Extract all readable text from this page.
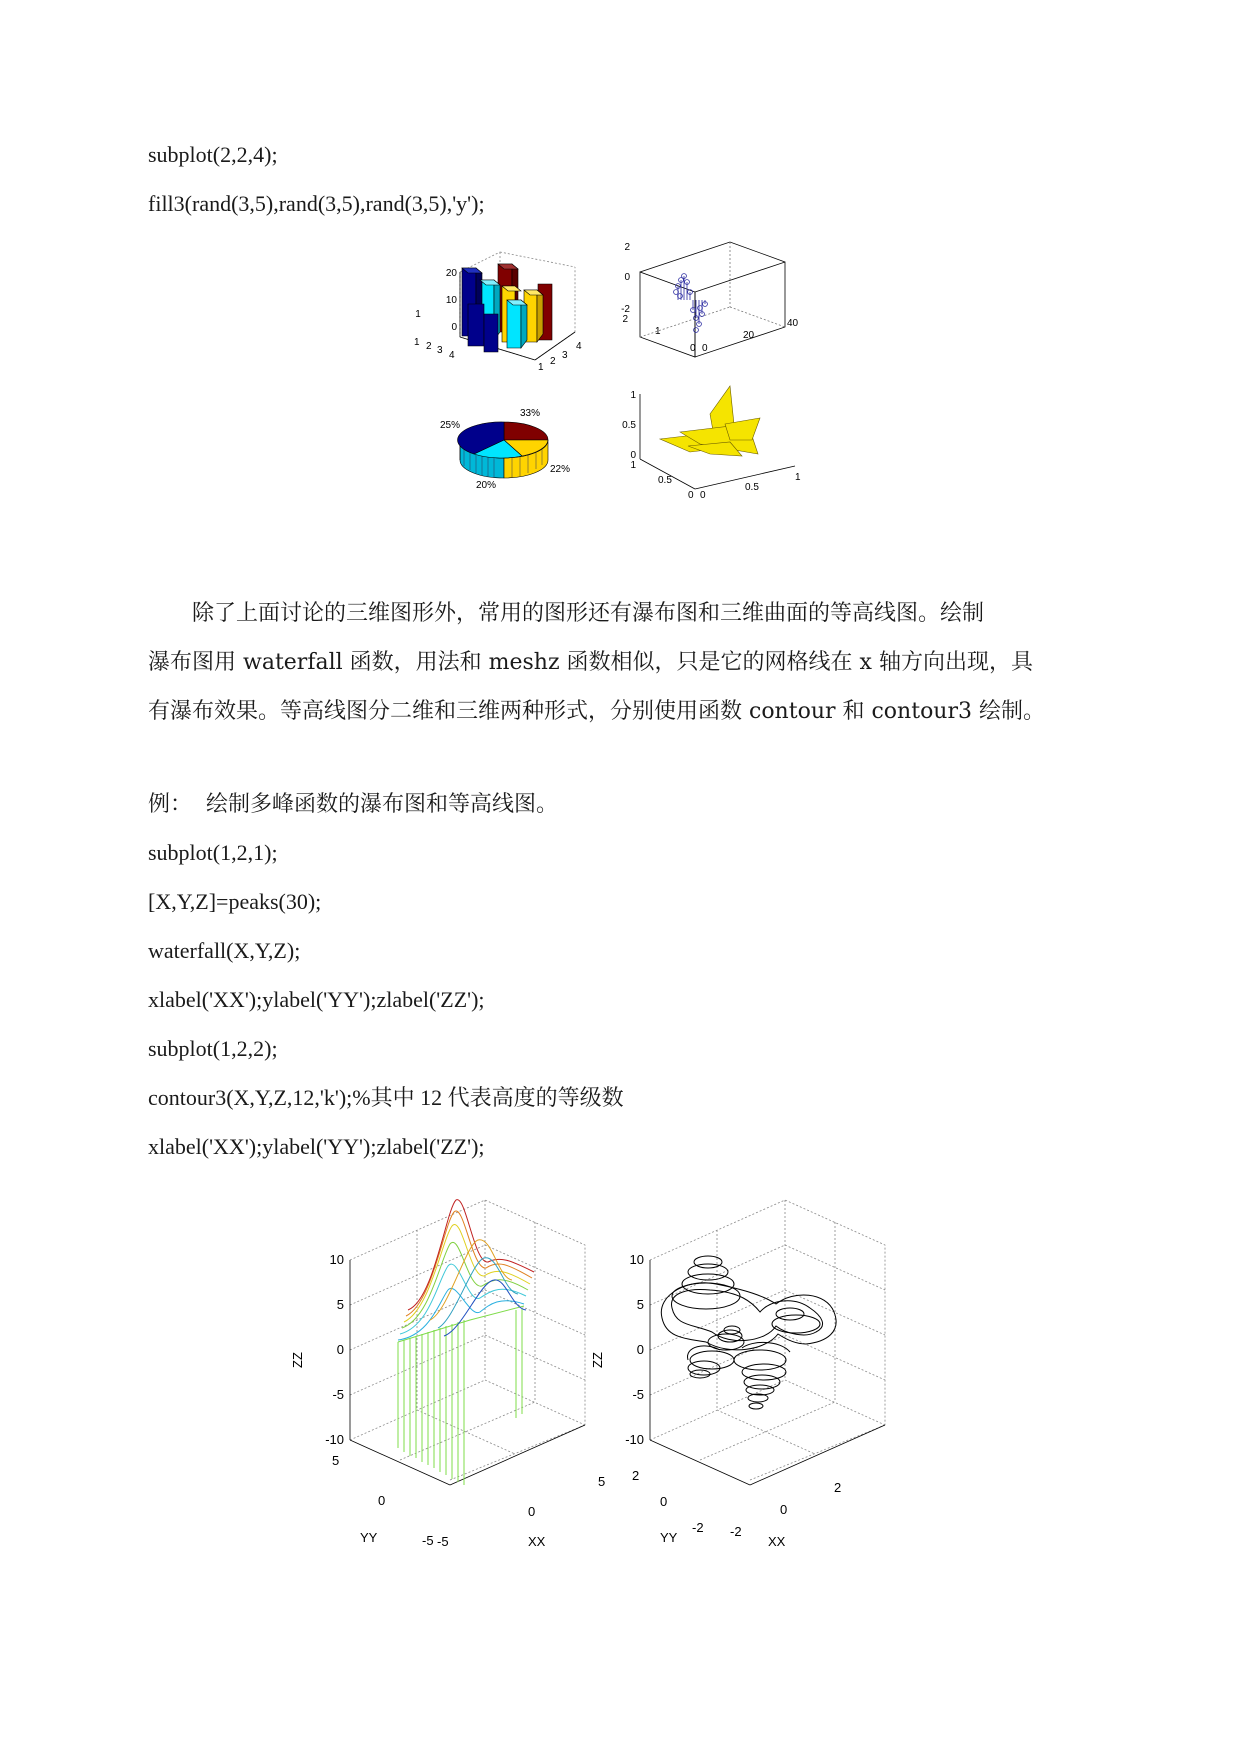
subplot(2,2,4);
fill3(rand(3,5),rand(3,5),rand(3,5),'y');
20
10
0
1
1 2 3 4
1
2
3
4
2
0
-2
2
1
0 0
20
40
33%
25%
20%
22%
1
0.5
0
1
0.5
0 0
0.5
1

除了上面讨论的三维图形外，常用的图形还有瀑布图和三维曲面的等高线图。绘制

瀑布图用 waterfall 函数，用法和 meshz 函数相似，只是它的网格线在 x 轴方向出现，具

有瀑布效果。等高线图分二维和三维两种形式，分别使用函数 contour 和 contour3 绘制。

例：  绘制多峰函数的瀑布图和等高线图。
subplot(1,2,1);
[X,Y,Z]=peaks(30);
waterfall(X,Y,Z);
xlabel('XX');ylabel('YY');zlabel('ZZ');
subplot(1,2,2);
contour3(X,Y,Z,12,'k');%其中 12 代表高度的等级数
xlabel('XX');ylabel('YY');zlabel('ZZ');
10
5
0
-5
-10
ZZ
5
0
-5
YY	-5
0
5
XX
10
5
0
-5
-10
ZZ
2
0
-2
YY	-2
0
2
XX
